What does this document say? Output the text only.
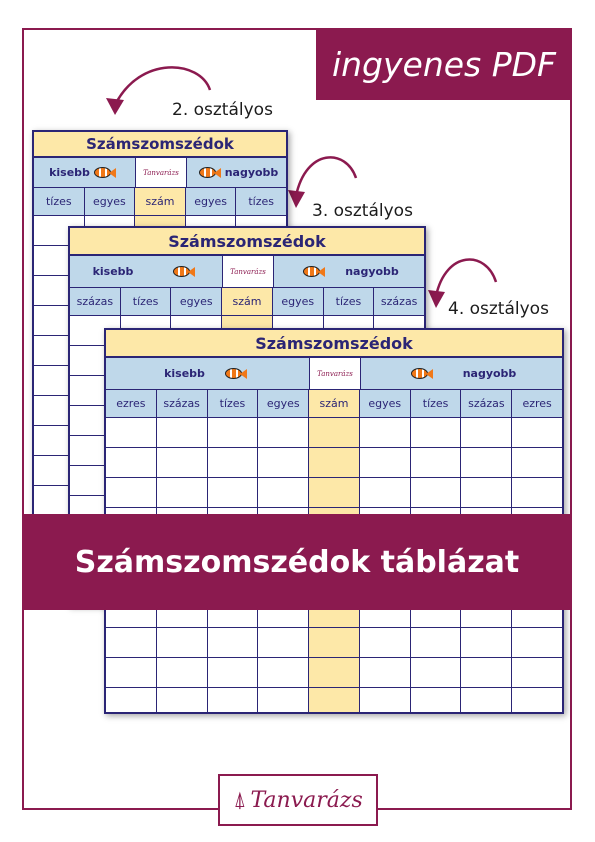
ingyenes PDF
2. osztályos
3. osztályos
4. osztályos
Számszomszédok
kisebb	Tanvarázs	nagyobb
tízes	egyes	szám	egyes	tízes
Számszomszédok
kisebb	Tanvarázs	nagyobb
százas	tízes	egyes	szám	egyes	tízes	százas
Számszomszédok
kisebb	Tanvarázs	nagyobb
ezres	százas	tízes	egyes	szám	egyes	tízes	százas	ezres
Számszomszédok táblázat
⍋ Tanvarázs
